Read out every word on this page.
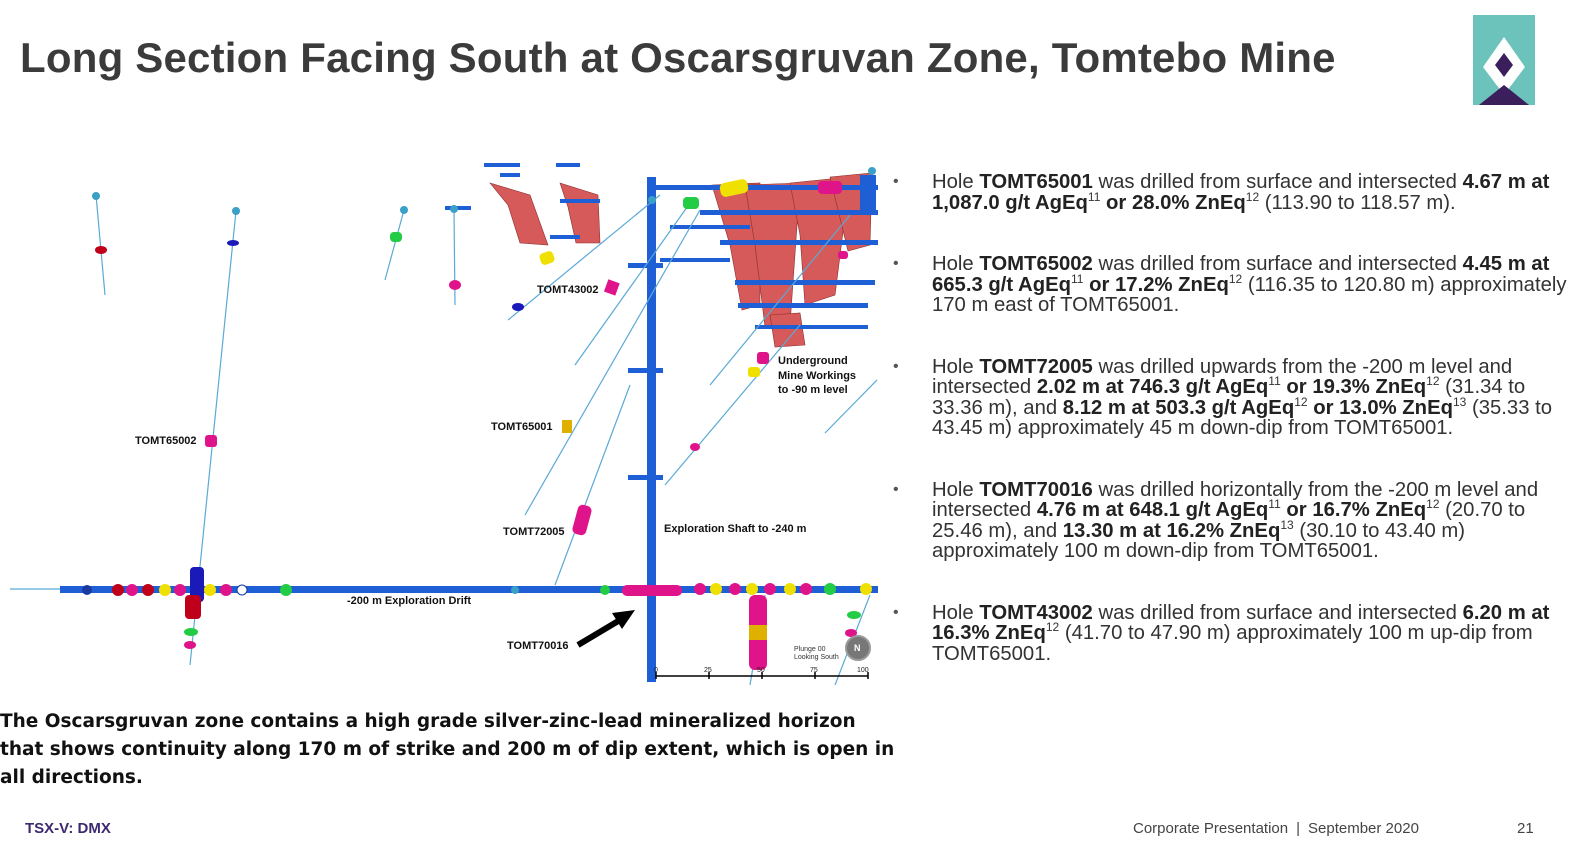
Long Section Facing South at Oscarsgruvan Zone, Tomtebo Mine
TOMT43002
TOMT65001
TOMT65002
TOMT72005
TOMT70016
Underground
Mine Workings
to -90 m level
Exploration Shaft to -240 m
-200 m Exploration Drift
Plunge 00
Looking South
N
0	25	50	75	100
• Hole TOMT65001 was drilled from surface and intersected 4.67 m at 1,087.0 g/t AgEq$^{11}$ or 28.0% ZnEq$^{12}$ (113.90 to 118.57 m).
• Hole TOMT65002 was drilled from surface and intersected 4.45 m at 665.3 g/t AgEq$^{11}$ or 17.2% ZnEq$^{12}$ (116.35 to 120.80 m) approximately 170 m east of TOMT65001.
• Hole TOMT72005 was drilled upwards from the -200 m level and intersected 2.02 m at 746.3 g/t AgEq$^{11}$ or 19.3% ZnEq$^{12}$ (31.34 to 33.36 m), and 8.12 m at 503.3 g/t AgEq$^{12}$ or 13.0% ZnEq$^{13}$ (35.33 to 43.45 m) approximately 45 m down-dip from TOMT65001.
• Hole TOMT70016 was drilled horizontally from the -200 m level and intersected 4.76 m at 648.1 g/t AgEq$^{11}$ or 16.7% ZnEq$^{12}$ (20.70 to 25.46 m), and 13.30 m at 16.2% ZnEq$^{13}$ (30.10 to 43.40 m) approximately 100 m down-dip from TOMT65001.
• Hole TOMT43002 was drilled from surface and intersected 6.20 m at 16.3% ZnEq$^{12}$ (41.70 to 47.90 m) approximately 100 m up-dip from TOMT65001.

The Oscarsgruvan zone contains a high grade silver-zinc-lead mineralized horizon that shows continuity along 170 m of strike and 200 m of dip extent, which is open in all directions.

TSX-V: DMX	Corporate Presentation | September 2020	21
